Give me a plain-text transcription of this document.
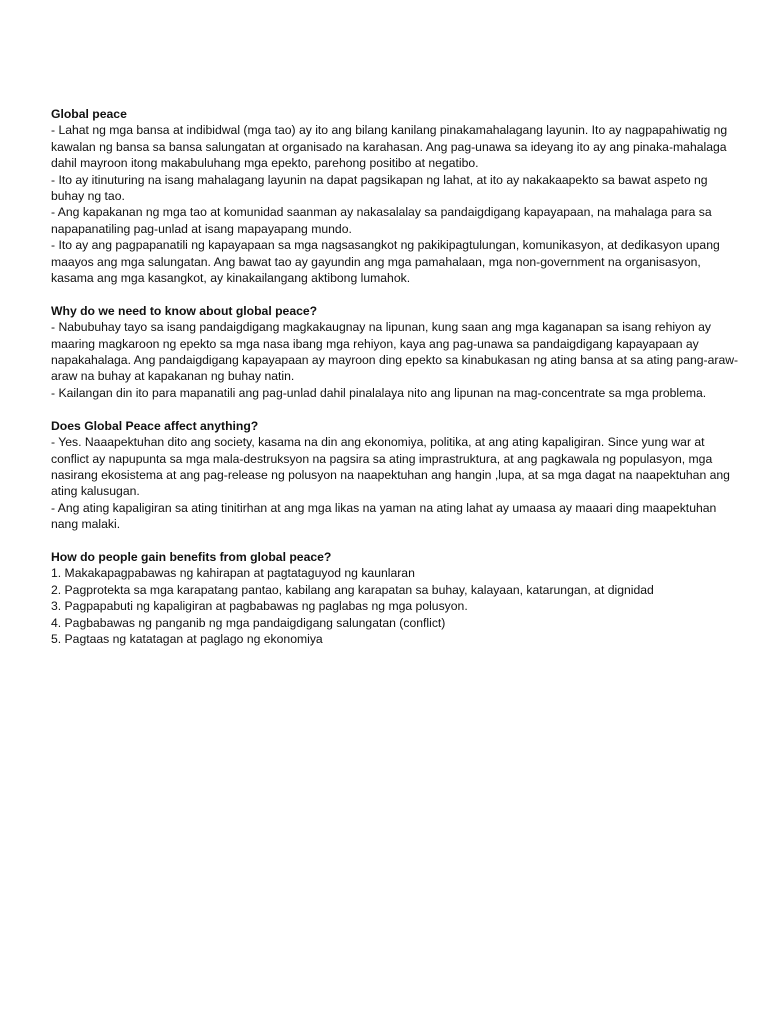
Global peace

- Lahat ng mga bansa at indibidwal (mga tao) ay ito ang bilang kanilang pinakamahalagang layunin. Ito ay nagpapahiwatig ng kawalan ng bansa sa bansa salungatan at organisado na karahasan. Ang pag-unawa sa ideyang ito ay ang pinaka-mahalaga dahil mayroon itong makabuluhang mga epekto, parehong positibo at negatibo.

- Ito ay itinuturing na isang mahalagang layunin na dapat pagsikapan ng lahat, at ito ay nakakaapekto sa bawat aspeto ng buhay ng tao.

- Ang kapakanan ng mga tao at komunidad saanman ay nakasalalay sa pandaigdigang kapayapaan, na mahalaga para sa napapanatiling pag-unlad at isang mapayapang mundo.

- Ito ay ang pagpapanatili ng kapayapaan sa mga nagsasangkot ng pakikipagtulungan, komunikasyon, at dedikasyon upang maayos ang mga salungatan. Ang bawat tao ay gayundin ang mga pamahalaan, mga non-government na organisasyon, kasama ang mga kasangkot, ay kinakailangang aktibong lumahok.

Why do we need to know about global peace?

- Nabubuhay tayo sa isang pandaigdigang magkakaugnay na lipunan, kung saan ang mga kaganapan sa isang rehiyon ay maaring magkaroon ng epekto sa mga nasa ibang mga rehiyon, kaya ang pag-unawa sa pandaigdigang kapayapaan ay napakahalaga. Ang pandaigdigang kapayapaan ay mayroon ding epekto sa kinabukasan ng ating bansa at sa ating pang-araw-araw na buhay at kapakanan ng buhay natin.

- Kailangan din ito para mapanatili ang pag-unlad dahil pinalalaya nito ang lipunan na mag-concentrate sa mga problema.

Does Global Peace affect anything?

- Yes. Naaapektuhan dito ang society, kasama na din ang ekonomiya, politika, at ang ating kapaligiran. Since yung war at conflict ay napupunta sa mga mala-destruksyon na pagsira sa ating imprastruktura, at ang pagkawala ng populasyon, mga nasirang ekosistema at ang pag-release ng polusyon na naapektuhan ang hangin ,lupa, at sa mga dagat na naapektuhan ang ating kalusugan.

- Ang ating kapaligiran sa ating tinitirhan at ang mga likas na yaman na ating lahat ay umaasa ay maaari ding maapektuhan nang malaki.

How do people gain benefits from global peace?

1. Makakapagpabawas ng kahirapan at pagtataguyod ng kaunlaran

2. Pagprotekta sa mga karapatang pantao, kabilang ang karapatan sa buhay, kalayaan, katarungan, at dignidad

3. Pagpapabuti ng kapaligiran at pagbabawas ng paglabas ng mga polusyon.

4. Pagbabawas ng panganib ng mga pandaigdigang salungatan (conflict)

5. Pagtaas ng katatagan at paglago ng ekonomiya
